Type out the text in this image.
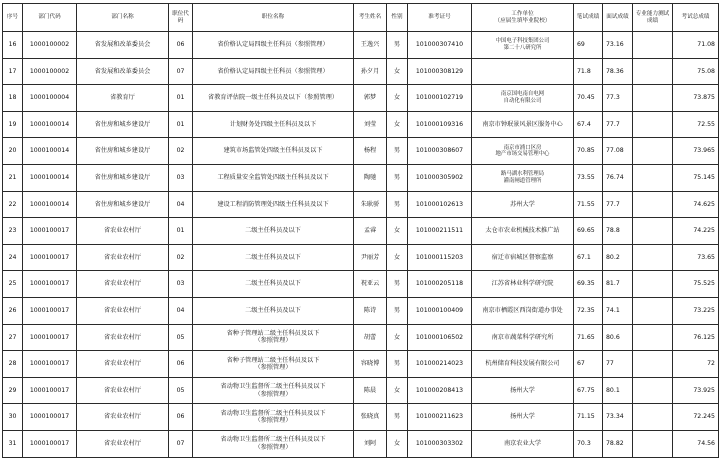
序号	部门代码	部门名称	职位代码	职位名称	考生姓名	性别	准考证号	工作单位
（应届生填毕业院校）	笔试成绩	面试成绩	专业能力测试成绩	考试总成绩
16	1000100002	省发展和改革委员会	06	省价格认定局四级主任科员（参照管理）	王逸兴	男	101000307410	中国电子科技集团公司
第二十八研究所	69	73.16		71.08
17	1000100002	省发展和改革委员会	07	省价格认定局四级主任科员（参照管理）	孙夕月	女	101000308129		71.8	78.36		75.08
18	1000100004	省教育厅	01	省教育评估院一级主任科员及以下（参照管理）	郭梦	女	101000102719	南京国电南自电网
自动化有限公司	70.45	77.3		73.875
19	1000100014	省住房和城乡建设厅	01	计划财务处四级主任科员及以下	刘莹	女	101000109316	南京市钟珉景风景区服务中心	67.4	77.7		72.55
20	1000100014	省住房和城乡建设厅	02	建筑市场监管处四级主任科员及以下	杨程	男	101000308607	南京市浦口区房
地产市场交易管理中心	70.85	77.08		73.965
21	1000100014	省住房和城乡建设厅	03	工程质量安全监管处四级主任科员及以下	陶驰	男	101000305902	路马湖水利管理局
灌南闸道管理所	73.55	76.74		75.145
22	1000100014	省住房和城乡建设厅	04	建设工程消防管理处四级主任科员及以下	朱耿骄	男	101000102613	苏州大学	71.55	77.7		74.625
23	1000100017	省农业农村厅	01	二级主任科员及以下	孟睿	女	101000211511	太仓市农业机械技术推广站	69.65	78.8		74.225
24	1000100017	省农业农村厅	02	二级主任科员及以下	尹丽芳	女	101000115203	宿迁市宿城区督察监察	67.1	80.2		73.65
25	1000100017	省农业农村厅	03	二级主任科员及以下	祝亚云	男	101000205118	江苏省林业科学研究院	69.35	81.7		75.525
26	1000100017	省农业农村厅	04	二级主任科员及以下	陈诗	男	101000100409	南京市栖霞区西岗街道办事处	72.35	74.1		73.225
27	1000100017	省农业农村厅	05	省种子管理站二级主任科员及以下
（参照管理）	胡蕾	女	101000106502	南京市蔬菜科学研究所	71.65	80.6		76.125
28	1000100017	省农业农村厅	06	省种子管理站二级主任科员及以下
（参照管理）	容晓博	男	101000214023	杭州储育科技发展有限公司	67	77		72
29	1000100017	省农业农村厅	05	省动物卫生监督所二级主任科员及以下
（参照管理）	陈晨	女	101000208413	扬州大学	67.75	80.1		73.925
30	1000100017	省农业农村厅	06	省动物卫生监督所二级主任科员及以下
（参照管理）	张晓真	男	101000211623	扬州大学	71.15	73.34		72.245
31	1000100017	省农业农村厅	07	省动物卫生监督所二级主任科员及以下
（参照管理）	刘阿	女	101000303302	南京农业大学	70.3	78.82		74.56
